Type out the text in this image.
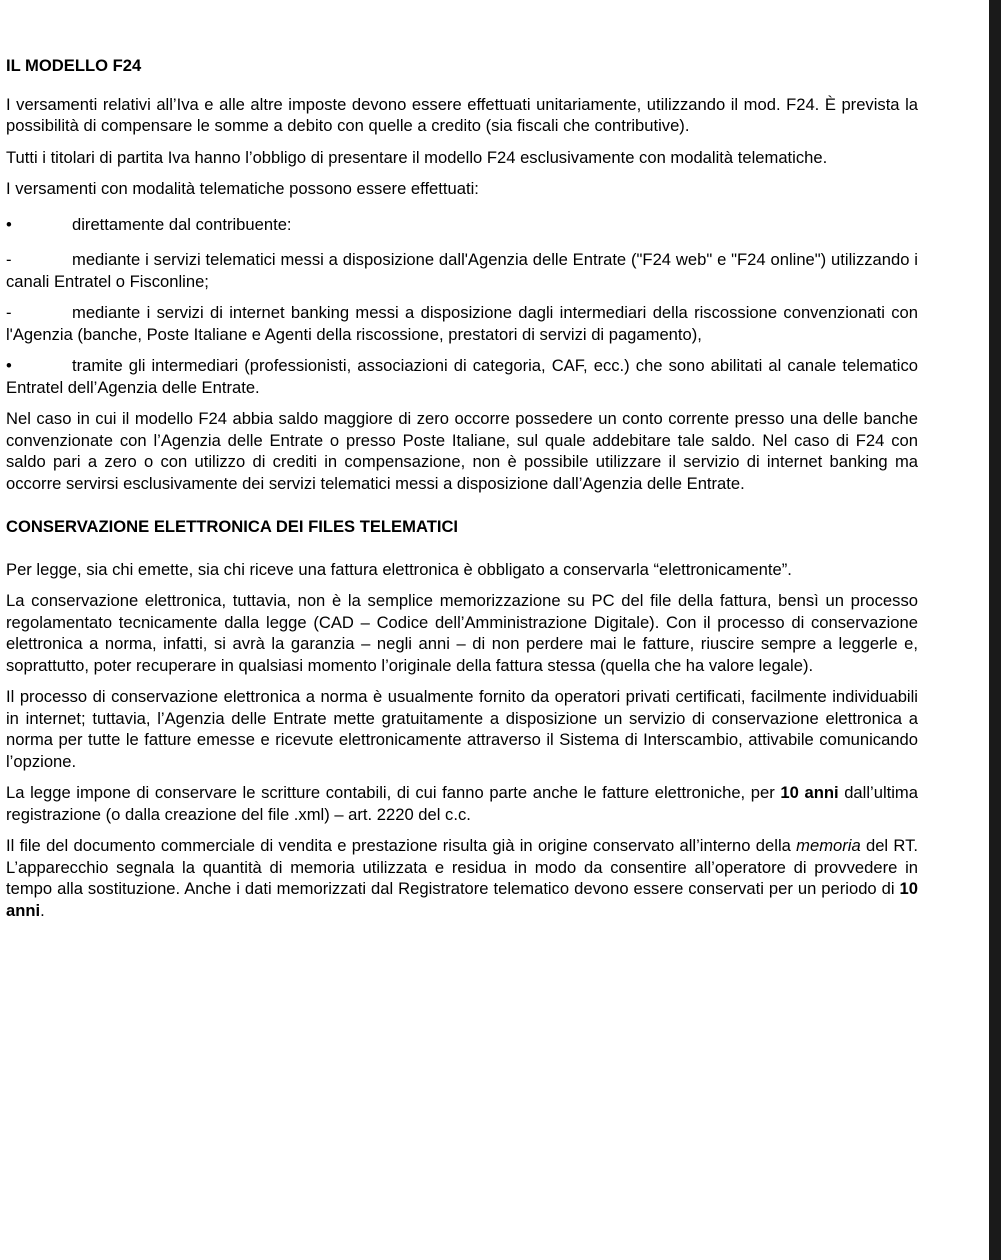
IL MODELLO F24

I versamenti relativi all’Iva e alle altre imposte devono essere effettuati unitariamente, utilizzando il mod. F24. È prevista la possibilità di compensare le somme a debito con quelle a credito (sia fiscali che contributive).

Tutti i titolari di partita Iva hanno l’obbligo di presentare il modello F24 esclusivamente con modalità telematiche.

I versamenti con modalità telematiche possono essere effettuati:

•	direttamente dal contribuente:

-	mediante i servizi telematici messi a disposizione dall'Agenzia delle Entrate ("F24 web" e "F24 online") utilizzando i canali Entratel o Fisconline;

-	mediante i servizi di internet banking messi a disposizione dagli intermediari della riscossione convenzionati con l'Agenzia (banche, Poste Italiane e Agenti della riscossione, prestatori di servizi di pagamento),

•	tramite gli intermediari (professionisti, associazioni di categoria, CAF, ecc.) che sono abilitati al canale telematico Entratel dell’Agenzia delle Entrate.

Nel caso in cui il modello F24 abbia saldo maggiore di zero occorre possedere un conto corrente presso una delle banche convenzionate con l’Agenzia delle Entrate o presso Poste Italiane, sul quale addebitare tale saldo. Nel caso di F24 con saldo pari a zero o con utilizzo di crediti in compensazione, non è possibile utilizzare il servizio di internet banking ma occorre servirsi esclusivamente dei servizi telematici messi a disposizione dall’Agenzia delle Entrate.

CONSERVAZIONE ELETTRONICA DEI FILES TELEMATICI

Per legge, sia chi emette, sia chi riceve una fattura elettronica è obbligato a conservarla “elettronicamente”.

La conservazione elettronica, tuttavia, non è la semplice memorizzazione su PC del file della fattura, bensì un processo regolamentato tecnicamente dalla legge (CAD – Codice dell’Amministrazione Digitale). Con il processo di conservazione elettronica a norma, infatti, si avrà la garanzia – negli anni – di non perdere mai le fatture, riuscire sempre a leggerle e, soprattutto, poter recuperare in qualsiasi momento l’originale della fattura stessa (quella che ha valore legale).

Il processo di conservazione elettronica a norma è usualmente fornito da operatori privati certificati, facilmente individuabili in internet; tuttavia, l’Agenzia delle Entrate mette gratuitamente a disposizione un servizio di conservazione elettronica a norma per tutte le fatture emesse e ricevute elettronicamente attraverso il Sistema di Interscambio, attivabile comunicando l’opzione.

La legge impone di conservare le scritture contabili, di cui fanno parte anche le fatture elettroniche, per 10 anni dall’ultima registrazione (o dalla creazione del file .xml) – art. 2220 del c.c.

Il file del documento commerciale di vendita e prestazione risulta già in origine conservato all’interno della memoria del RT. L’apparecchio segnala la quantità di memoria utilizzata e residua in modo da consentire all’operatore di provvedere in tempo alla sostituzione. Anche i dati memorizzati dal Registratore telematico devono essere conservati per un periodo di 10 anni.
